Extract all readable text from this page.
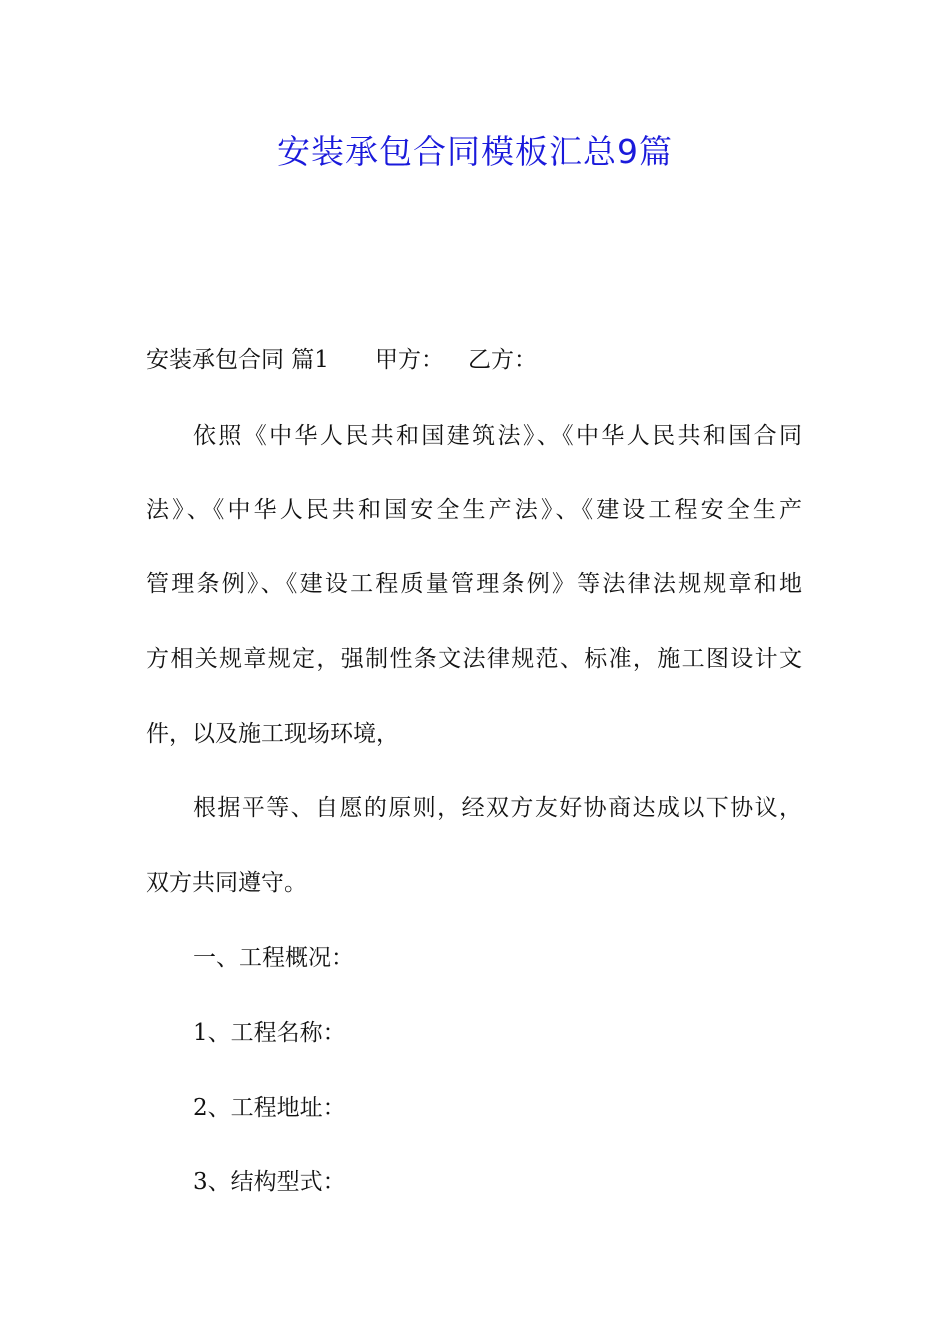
安装承包合同模板汇总9篇

安装承包合同 篇1 甲方： 乙方：

依照《中华人民共和国建筑法》、《中华人民共和国合同

法》、《中华人民共和国安全生产法》、《建设工程安全生产

管理条例》、《建设工程质量管理条例》等法律法规规章和地

方相关规章规定，强制性条文法律规范、标准，施工图设计文

件，以及施工现场环境，

根据平等、自愿的原则，经双方友好协商达成以下协议，

双方共同遵守。

一、工程概况：

1、工程名称：

2、工程地址：

3、结构型式：
